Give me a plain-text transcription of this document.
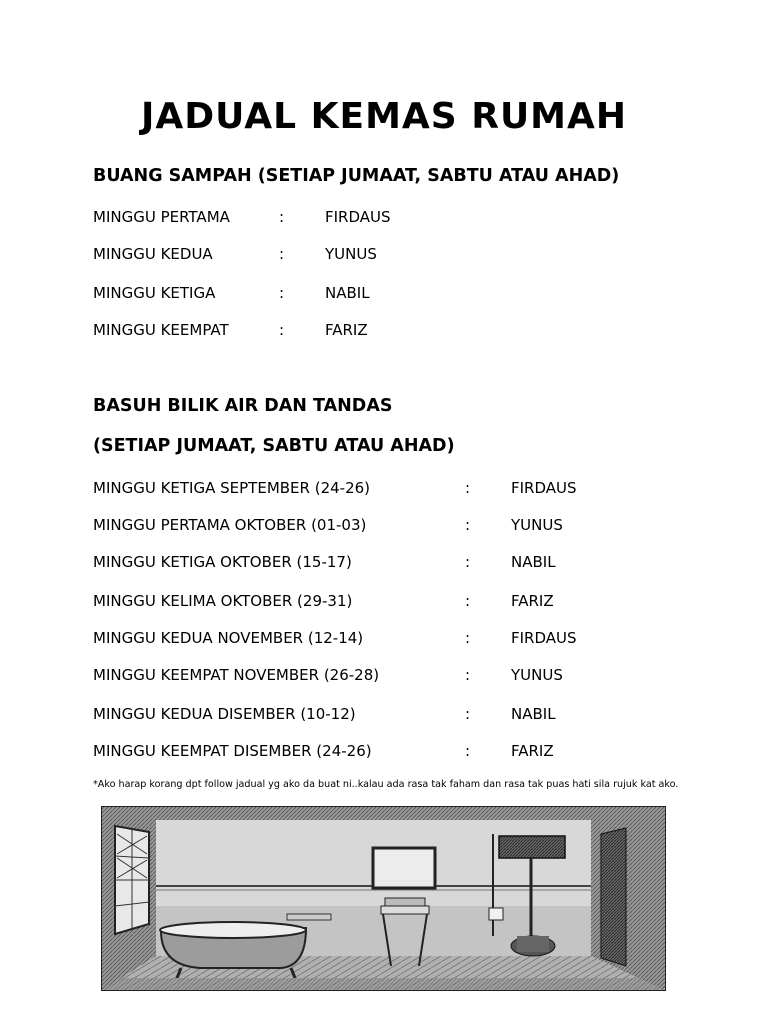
JADUAL KEMAS RUMAH
BUANG SAMPAH (SETIAP JUMAAT, SABTU ATAU AHAD)
MINGGU PERTAMA	:	FIRDAUS
MINGGU KEDUA	:	YUNUS
MINGGU KETIGA	:	NABIL
MINGGU KEEMPAT	:	FARIZ
BASUH BILIK AIR DAN TANDAS
(SETIAP JUMAAT, SABTU ATAU AHAD)
MINGGU KETIGA SEPTEMBER (24-26)	:	FIRDAUS
MINGGU PERTAMA OKTOBER (01-03)	:	YUNUS
MINGGU KETIGA OKTOBER (15-17)	:	NABIL
MINGGU KELIMA OKTOBER (29-31)	:	FARIZ
MINGGU KEDUA NOVEMBER (12-14)	:	FIRDAUS
MINGGU KEEMPAT NOVEMBER (26-28)	:	YUNUS
MINGGU KEDUA DISEMBER (10-12)	:	NABIL
MINGGU KEEMPAT DISEMBER (24-26)	:	FARIZ
*Ako harap korang dpt follow jadual yg ako da buat ni..kalau ada rasa tak faham dan rasa tak puas hati sila rujuk kat ako.
